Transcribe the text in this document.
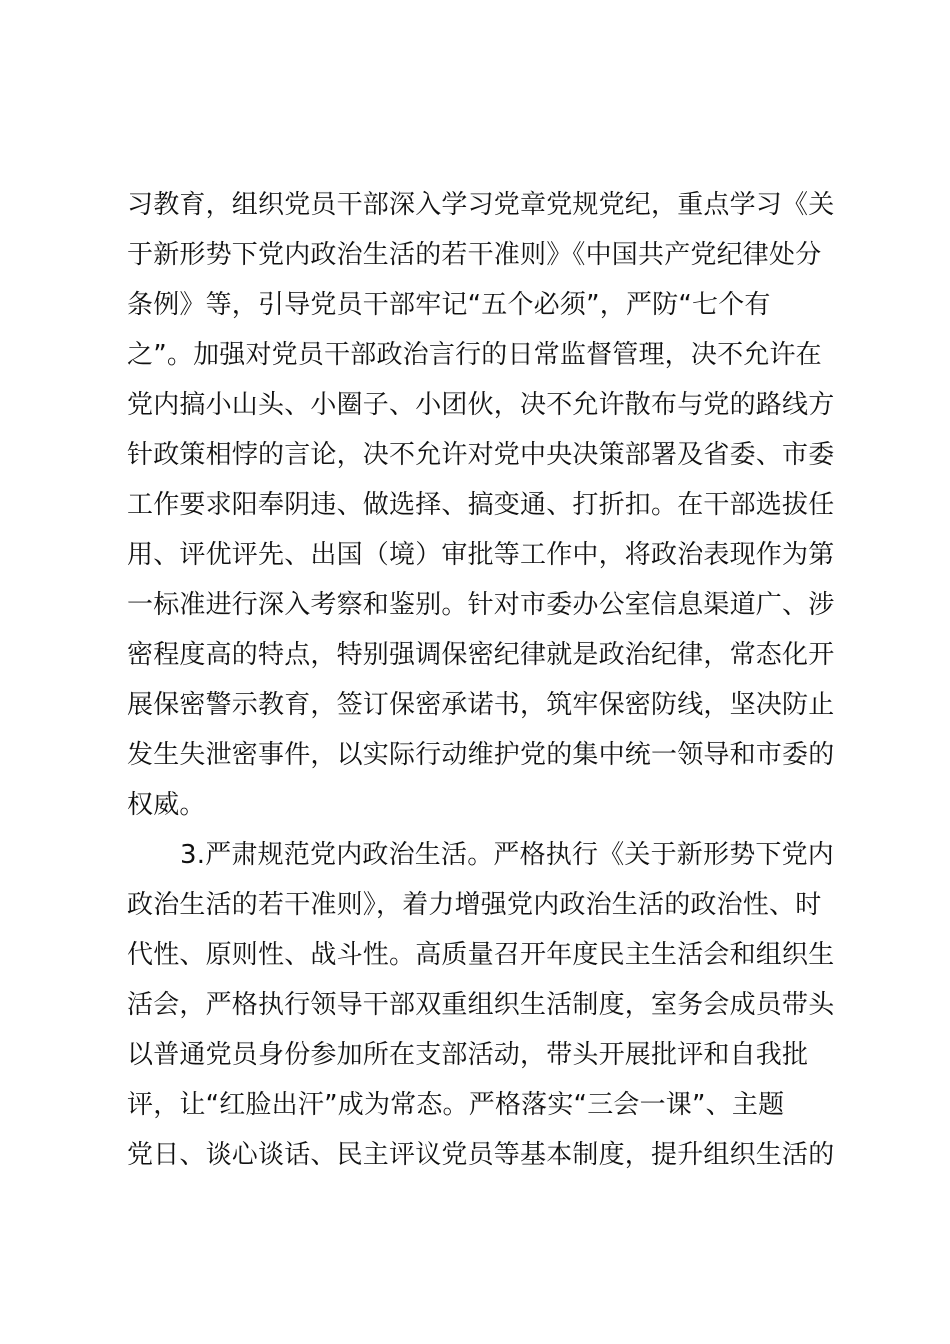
习教育，组织党员干部深入学习党章党规党纪，重点学习《关
于新形势下党内政治生活的若干准则》《中国共产党纪律处分
条例》等，引导党员干部牢记“五个必须”，严防“七个有
之”。加强对党员干部政治言行的日常监督管理，决不允许在
党内搞小山头、小圈子、小团伙，决不允许散布与党的路线方
针政策相悖的言论，决不允许对党中央决策部署及省委、市委
工作要求阳奉阴违、做选择、搞变通、打折扣。在干部选拔任
用、评优评先、出国（境）审批等工作中，将政治表现作为第
一标准进行深入考察和鉴别。针对市委办公室信息渠道广、涉
密程度高的特点，特别强调保密纪律就是政治纪律，常态化开
展保密警示教育，签订保密承诺书，筑牢保密防线，坚决防止
发生失泄密事件，以实际行动维护党的集中统一领导和市委的
权威。
3.严肃规范党内政治生活。严格执行《关于新形势下党内
政治生活的若干准则》，着力增强党内政治生活的政治性、时
代性、原则性、战斗性。高质量召开年度民主生活会和组织生
活会，严格执行领导干部双重组织生活制度，室务会成员带头
以普通党员身份参加所在支部活动，带头开展批评和自我批
评，让“红脸出汗”成为常态。严格落实“三会一课”、主题
党日、谈心谈话、民主评议党员等基本制度，提升组织生活的
